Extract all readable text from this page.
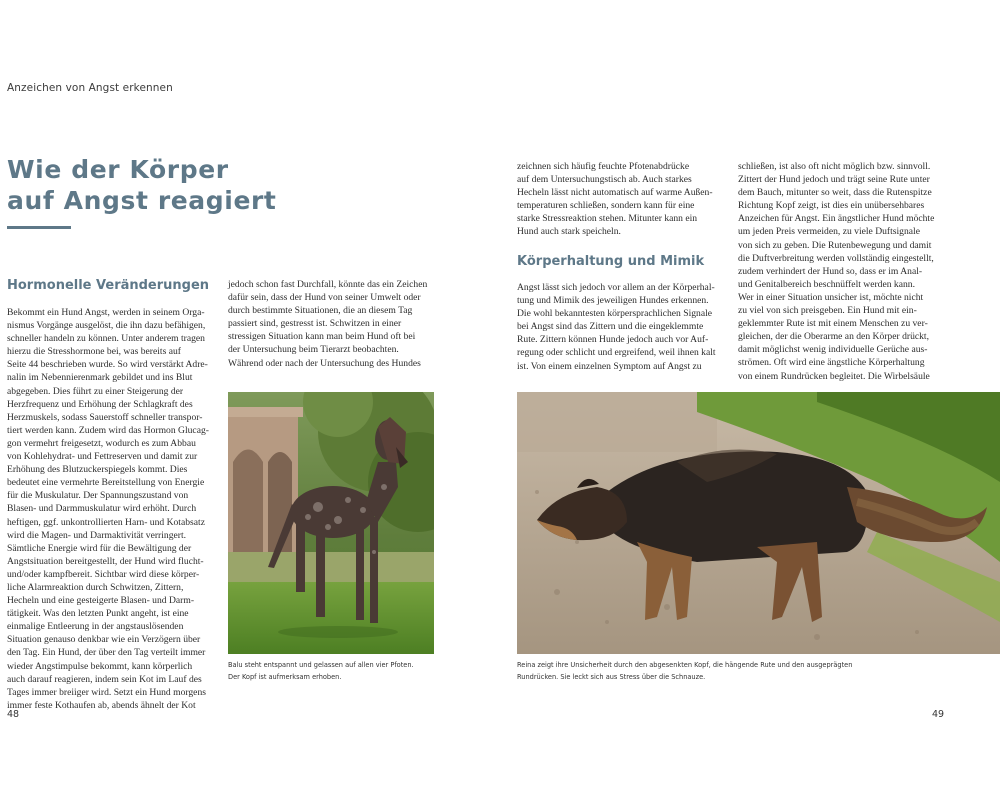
Anzeichen von Angst erkennen
Wie der Körper
auf Angst reagiert
Hormonelle Veränderungen
Körperhaltung und Mimik
Bekommt ein Hund Angst, werden in seinem Orga-
nismus Vorgänge ausgelöst, die ihn dazu befähigen,
schneller handeln zu können. Unter anderem tragen
hierzu die Stresshormone bei, was bereits auf
Seite 44 beschrieben wurde. So wird verstärkt Adre-
nalin im Nebennierenmark gebildet und ins Blut
abgegeben. Dies führt zu einer Steigerung der
Herzfrequenz und Erhöhung der Schlagkraft des
Herzmuskels, sodass Sauerstoff schneller transpor-
tiert werden kann. Zudem wird das Hormon Glucag-
gon vermehrt freigesetzt, wodurch es zum Abbau
von Kohlehydrat- und Fettreserven und damit zur
Erhöhung des Blutzuckerspiegels kommt. Dies
bedeutet eine vermehrte Bereitstellung von Energie
für die Muskulatur. Der Spannungszustand von
Blasen- und Darmmuskulatur wird erhöht. Durch
heftigen, ggf. unkontrollierten Harn- und Kotabsatz
wird die Magen- und Darmaktivität verringert.
Sämtliche Energie wird für die Bewältigung der
Angstsituation bereitgestellt, der Hund wird flucht-
und/oder kampfbereit. Sichtbar wird diese körper-
liche Alarmreaktion durch Schwitzen, Zittern,
Hecheln und eine gesteigerte Blasen- und Darm-
tätigkeit. Was den letzten Punkt angeht, ist eine
einmalige Entleerung in der angstauslösenden
Situation genauso denkbar wie ein Verzögern über
den Tag. Ein Hund, der über den Tag verteilt immer
wieder Angstimpulse bekommt, kann körperlich
auch darauf reagieren, indem sein Kot im Lauf des
Tages immer breiiger wird. Setzt ein Hund morgens
immer feste Kothaufen ab, abends ähnelt der Kot
jedoch schon fast Durchfall, könnte das ein Zeichen
dafür sein, dass der Hund von seiner Umwelt oder
durch bestimmte Situationen, die an diesem Tag
passiert sind, gestresst ist. Schwitzen in einer
stressigen Situation kann man beim Hund oft bei
der Untersuchung beim Tierarzt beobachten.
Während oder nach der Untersuchung des Hundes
zeichnen sich häufig feuchte Pfotenabdrücke
auf dem Untersuchungstisch ab. Auch starkes
Hecheln lässt nicht automatisch auf warme Außen-
temperaturen schließen, sondern kann für eine
starke Stressreaktion stehen. Mitunter kann ein
Hund auch stark speicheln.
Angst lässt sich jedoch vor allem an der Körperhal-
tung und Mimik des jeweiligen Hundes erkennen.
Die wohl bekanntesten körpersprachlichen Signale
bei Angst sind das Zittern und die eingeklemmte
Rute. Zittern können Hunde jedoch auch vor Auf-
regung oder schlicht und ergreifend, weil ihnen kalt
ist. Von einem einzelnen Symptom auf Angst zu
schließen, ist also oft nicht möglich bzw. sinnvoll.
Zittert der Hund jedoch und trägt seine Rute unter
dem Bauch, mitunter so weit, dass die Rutenspitze
Richtung Kopf zeigt, ist dies ein unübersehbares
Anzeichen für Angst. Ein ängstlicher Hund möchte
um jeden Preis vermeiden, zu viele Duftsignale
von sich zu geben. Die Rutenbewegung und damit
die Duftverbreitung werden vollständig eingestellt,
zudem verhindert der Hund so, dass er im Anal-
und Genitalbereich beschnüffelt werden kann.
Wer in einer Situation unsicher ist, möchte nicht
zu viel von sich preisgeben. Ein Hund mit ein-
geklemmter Rute ist mit einem Menschen zu ver-
gleichen, der die Oberarme an den Körper drückt,
damit möglichst wenig individuelle Gerüche aus-
strömen. Oft wird eine ängstliche Körperhaltung
von einem Rundrücken begleitet. Die Wirbelsäule
Balu steht entspannt und gelassen auf allen vier Pfoten.
Der Kopf ist aufmerksam erhoben.
Reina zeigt ihre Unsicherheit durch den abgesenkten Kopf, die hängende Rute und den ausgeprägten
Rundrücken. Sie leckt sich aus Stress über die Schnauze.
48	49
